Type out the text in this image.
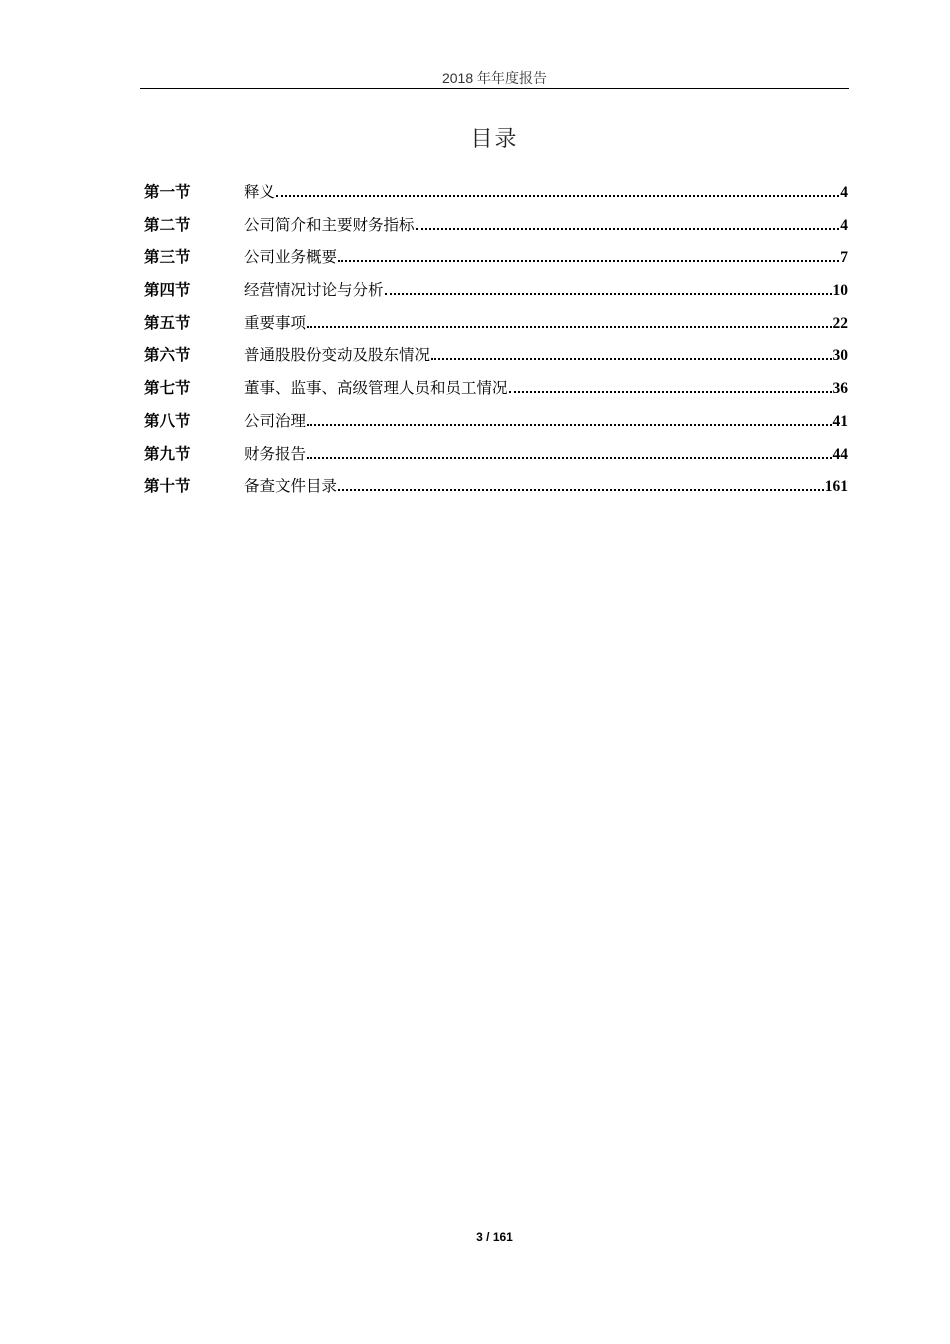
2018 年年度报告
目录
第一节	释义	4
第二节	公司简介和主要财务指标	4
第三节	公司业务概要	7
第四节	经营情况讨论与分析	10
第五节	重要事项	22
第六节	普通股股份变动及股东情况	30
第七节	董事、监事、高级管理人员和员工情况	36
第八节	公司治理	41
第九节	财务报告	44
第十节	备查文件目录	161
3 / 161
